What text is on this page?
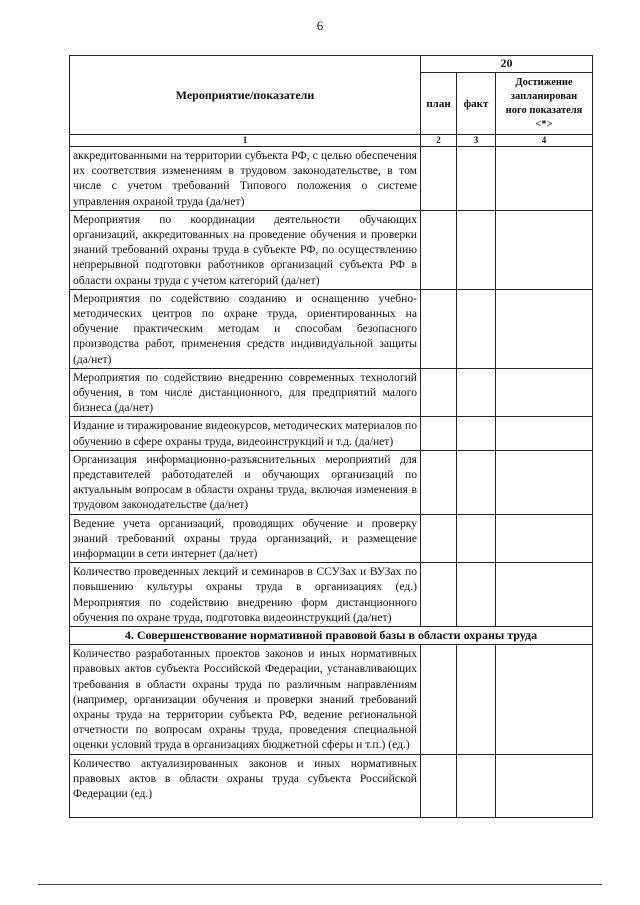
6
Мероприятие/показатели	20		
	план	факт	Достижение запланирован ного показателя <*>
1	2	3	4
аккредитованными на территории субъекта РФ, с целью обеспечения их соответствия изменениям в трудовом законодательстве, в том числе с учетом требований Типового положения о системе управления охраной труда (да/нет)			
Мероприятия по координации деятельности обучающих организаций, аккредитованных на проведение обучения и проверки знаний требований охраны труда в субъекте РФ, по осуществлению непрерывной подготовки работников организаций субъекта РФ в области охраны труда с учетом категорий (да/нет)			
Мероприятия по содействию созданию и оснащению учебно-методических центров по охране труда, ориентированных на обучение практическим методам и способам безопасного производства работ, применения средств индивидуальной защиты (да/нет)			
Мероприятия по содействию внедрению современных технологий обучения, в том числе дистанционного, для предприятий малого бизнеса (да/нет)			
Издание и тиражирование видеокурсов, методических материалов по обучению в сфере охраны труда, видеоинструкций и т.д. (да/нет)			
Организация информационно-разъяснительных мероприятий для представителей работодателей и обучающих организаций по актуальным вопросам в области охраны труда, включая изменения в трудовом законодательстве (да/нет)			
Ведение учета организаций, проводящих обучение и проверку знаний требований охраны труда организаций, и размещение информации в сети интернет (да/нет)			
Количество проведенных лекций и семинаров в ССУЗах и ВУЗах по повышению культуры охраны труда в организациях (ед.) Мероприятия по содействию внедрению форм дистанционного обучения по охране труда, подготовка видеоинструкций (да/нет)			
4. Совершенствование нормативной правовой базы в области охраны труда			
Количество разработанных проектов законов и иных нормативных правовых актов субъекта Российской Федерации, устанавливающих требования в области охраны труда по различным направлениям (например, организации обучения и проверки знаний требований охраны труда на территории субъекта РФ, ведение региональной отчетности по вопросам охраны труда, проведения специальной оценки условий труда в организациях бюджетной сферы и т.п.) (ед.)			
Количество актуализированных законов и иных нормативных правовых актов в области охраны труда субъекта Российской Федерации (ед.)			
